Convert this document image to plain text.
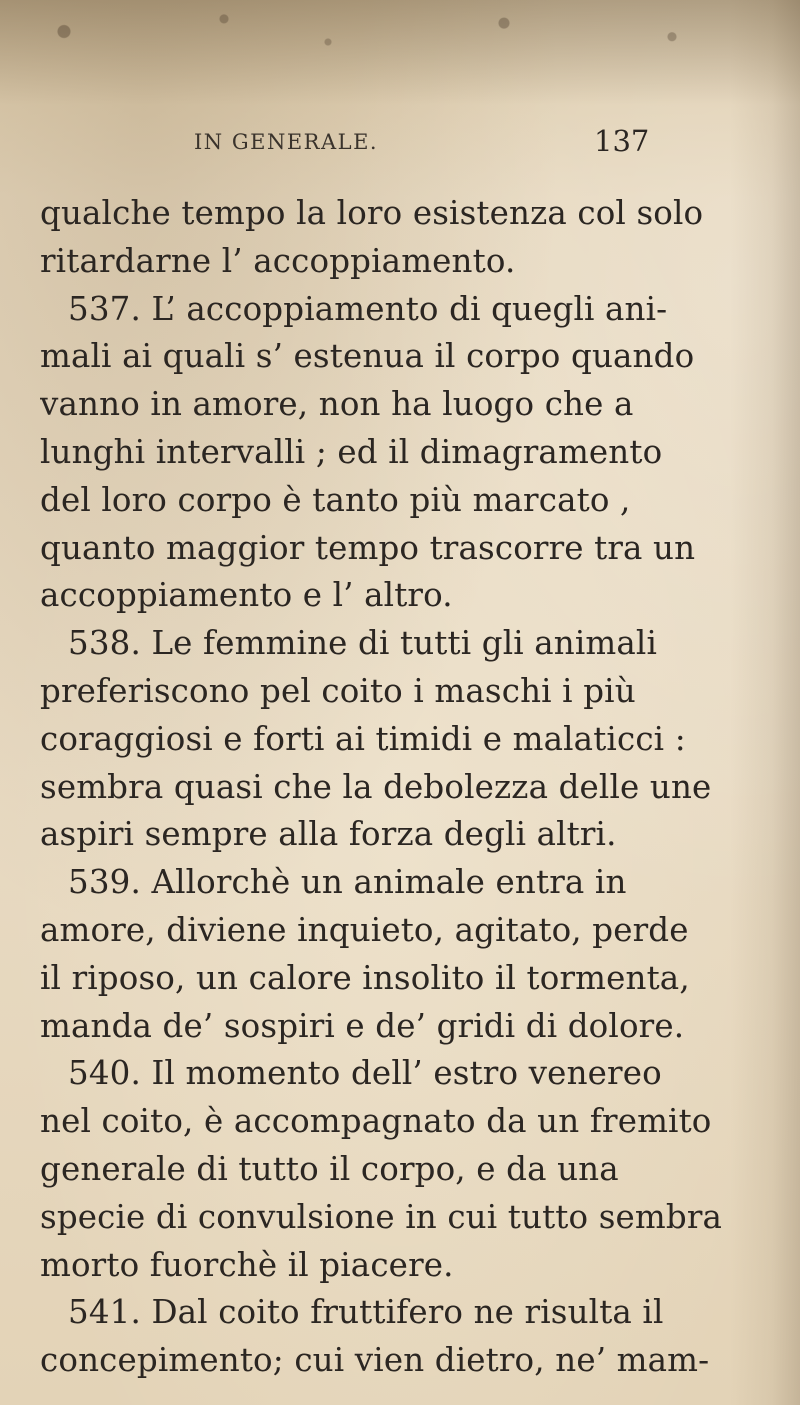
IN GENERALE.	137
qualche tempo la loro esistenza col solo
ritardarne l’ accoppiamento.
537. L’ accoppiamento di quegli ani-
mali ai quali s’ estenua il corpo quando
vanno in amore, non ha luogo che a
lunghi intervalli ; ed il dimagramento
del loro corpo è tanto più marcato ,
quanto maggior tempo trascorre tra un
accoppiamento e l’ altro.
538. Le femmine di tutti gli animali
preferiscono pel coito i maschi i più
coraggiosi e forti ai timidi e malaticci :
sembra quasi che la debolezza delle une
aspiri sempre alla forza degli altri.
539. Allorchè un animale entra in
amore, diviene inquieto, agitato, perde
il riposo, un calore insolito il tormenta,
manda de’ sospiri e de’ gridi di dolore.
540. Il momento dell’ estro venereo
nel coito, è accompagnato da un fremito
generale di tutto il corpo, e da una
specie di convulsione in cui tutto sembra
morto fuorchè il piacere.
541. Dal coito fruttifero ne risulta il
concepimento; cui vien dietro, ne’ mam-
